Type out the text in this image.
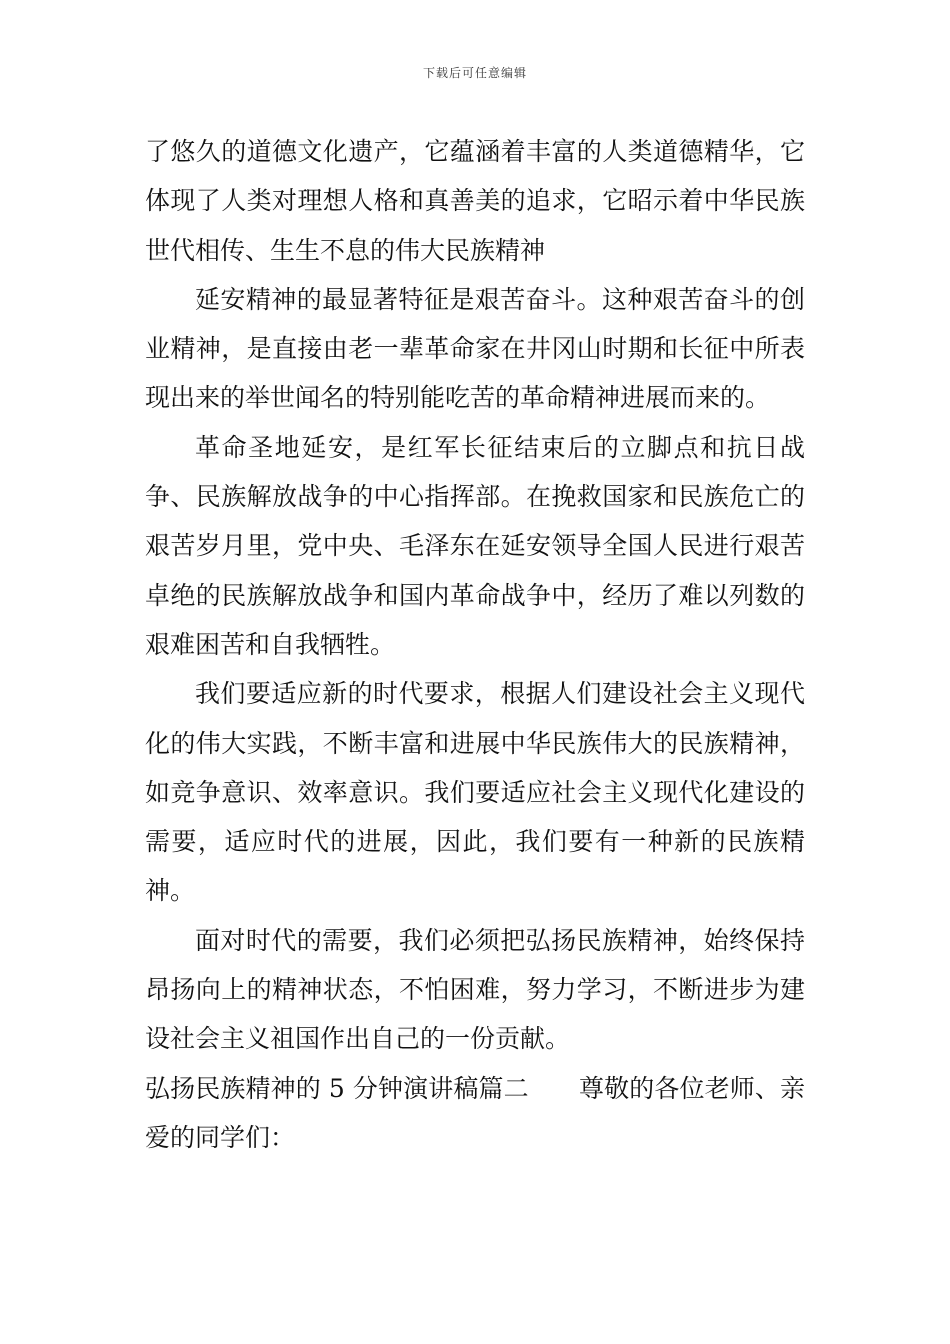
下载后可任意编辑

了悠久的道德文化遗产，它蕴涵着丰富的人类道德精华，它体现了人类对理想人格和真善美的追求，它昭示着中华民族世代相传、生生不息的伟大民族精神

延安精神的最显著特征是艰苦奋斗。这种艰苦奋斗的创业精神，是直接由老一辈革命家在井冈山时期和长征中所表现出来的举世闻名的特别能吃苦的革命精神进展而来的。

革命圣地延安，是红军长征结束后的立脚点和抗日战争、民族解放战争的中心指挥部。在挽救国家和民族危亡的艰苦岁月里，党中央、毛泽东在延安领导全国人民进行艰苦卓绝的民族解放战争和国内革命战争中，经历了难以列数的艰难困苦和自我牺牲。

我们要适应新的时代要求，根据人们建设社会主义现代化的伟大实践，不断丰富和进展中华民族伟大的民族精神，如竞争意识、效率意识。我们要适应社会主义现代化建设的需要，适应时代的进展，因此，我们要有一种新的民族精神。

面对时代的需要，我们必须把弘扬民族精神，始终保持昂扬向上的精神状态，不怕困难，努力学习，不断进步为建设社会主义祖国作出自己的一份贡献。

弘扬民族精神的 5 分钟演讲稿篇二　　尊敬的各位老师、亲爱的同学们：
